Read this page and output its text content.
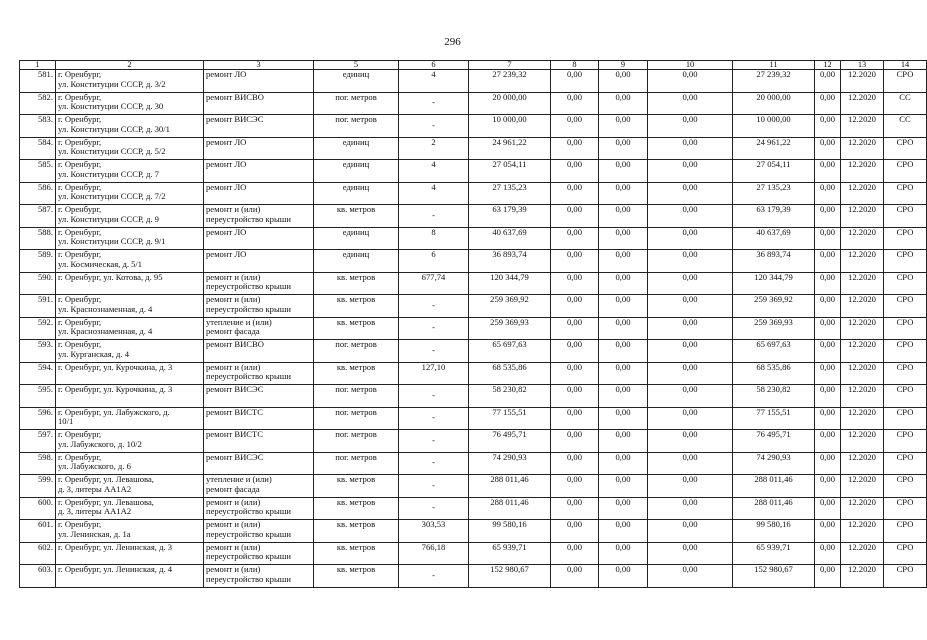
296
1	2	3	5	6	7	8	9	10	11	12	13	14
581.	г. Оренбург,
ул. Конституции СССР, д. 3/2	ремонт ЛО	единиц	4	27 239,32	0,00	0,00	0,00	27 239,32	0,00	12.2020	СРО
582.	г. Оренбург,
ул. Конституции СССР, д. 30	ремонт ВИСВО	пог. метров	-	20 000,00	0,00	0,00	0,00	20 000,00	0,00	12.2020	СС
583.	г. Оренбург,
ул. Конституции СССР, д. 30/1	ремонт ВИСЭС	пог. метров	-	10 000,00	0,00	0,00	0,00	10 000,00	0,00	12.2020	СС
584.	г. Оренбург,
ул. Конституции СССР, д. 5/2	ремонт ЛО	единиц	2	24 961,22	0,00	0,00	0,00	24 961,22	0,00	12.2020	СРО
585.	г. Оренбург,
ул. Конституции СССР, д. 7	ремонт ЛО	единиц	4	27 054,11	0,00	0,00	0,00	27 054,11	0,00	12.2020	СРО
586.	г. Оренбург,
ул. Конституции СССР, д. 7/2	ремонт ЛО	единиц	4	27 135,23	0,00	0,00	0,00	27 135,23	0,00	12.2020	СРО
587.	г. Оренбург,
ул. Конституции СССР, д. 9	ремонт и (или)
переустройство крыши	кв. метров	-	63 179,39	0,00	0,00	0,00	63 179,39	0,00	12.2020	СРО
588.	г. Оренбург,
ул. Конституции СССР, д. 9/1	ремонт ЛО	единиц	8	40 637,69	0,00	0,00	0,00	40 637,69	0,00	12.2020	СРО
589.	г. Оренбург,
ул. Космическая, д. 5/1	ремонт ЛО	единиц	6	36 893,74	0,00	0,00	0,00	36 893,74	0,00	12.2020	СРО
590.	г. Оренбург, ул. Котова, д. 95	ремонт и (или)
переустройство крыши	кв. метров	677,74	120 344,79	0,00	0,00	0,00	120 344,79	0,00	12.2020	СРО
591.	г. Оренбург,
ул. Краснознаменная, д. 4	ремонт и (или)
переустройство крыши	кв. метров	-	259 369,92	0,00	0,00	0,00	259 369,92	0,00	12.2020	СРО
592.	г. Оренбург,
ул. Краснознаменная, д. 4	утепление и (или)
ремонт фасада	кв. метров	-	259 369,93	0,00	0,00	0,00	259 369,93	0,00	12.2020	СРО
593.	г. Оренбург,
ул. Курганская, д. 4	ремонт ВИСВО	пог. метров	-	65 697,63	0,00	0,00	0,00	65 697,63	0,00	12.2020	СРО
594.	г. Оренбург, ул. Курочкина, д. 3	ремонт и (или)
переустройство крыши	кв. метров	127,10	68 535,86	0,00	0,00	0,00	68 535,86	0,00	12.2020	СРО
595.	г. Оренбург, ул. Курочкина, д. 3	ремонт ВИСЭС	пог. метров	-	58 230,82	0,00	0,00	0,00	58 230,82	0,00	12.2020	СРО
596.	г. Оренбург, ул. Лабужского, д.
10/1	ремонт ВИСТС	пог. метров	-	77 155,51	0,00	0,00	0,00	77 155,51	0,00	12.2020	СРО
597.	г. Оренбург,
ул. Лабужского, д. 10/2	ремонт ВИСТС	пог. метров	-	76 495,71	0,00	0,00	0,00	76 495,71	0,00	12.2020	СРО
598.	г. Оренбург,
ул. Лабужского, д. 6	ремонт ВИСЭС	пог. метров	-	74 290,93	0,00	0,00	0,00	74 290,93	0,00	12.2020	СРО
599.	г. Оренбург, ул. Левашова,
д. 3, литеры АА1А2	утепление и (или)
ремонт фасада	кв. метров	-	288 011,46	0,00	0,00	0,00	288 011,46	0,00	12.2020	СРО
600.	г. Оренбург, ул. Левашова,
д. 3, литеры АА1А2	ремонт и (или)
переустройство крыши	кв. метров	-	288 011,46	0,00	0,00	0,00	288 011,46	0,00	12.2020	СРО
601.	г. Оренбург,
ул. Ленинская, д. 1а	ремонт и (или)
переустройство крыши	кв. метров	303,53	99 580,16	0,00	0,00	0,00	99 580,16	0,00	12.2020	СРО
602.	г. Оренбург, ул. Ленинская, д. 3	ремонт и (или)
переустройство крыши	кв. метров	766,18	65 939,71	0,00	0,00	0,00	65 939,71	0,00	12.2020	СРО
603.	г. Оренбург, ул. Ленинская, д. 4	ремонт и (или)
переустройство крыши	кв. метров	-	152 980,67	0,00	0,00	0,00	152 980,67	0,00	12.2020	СРО
